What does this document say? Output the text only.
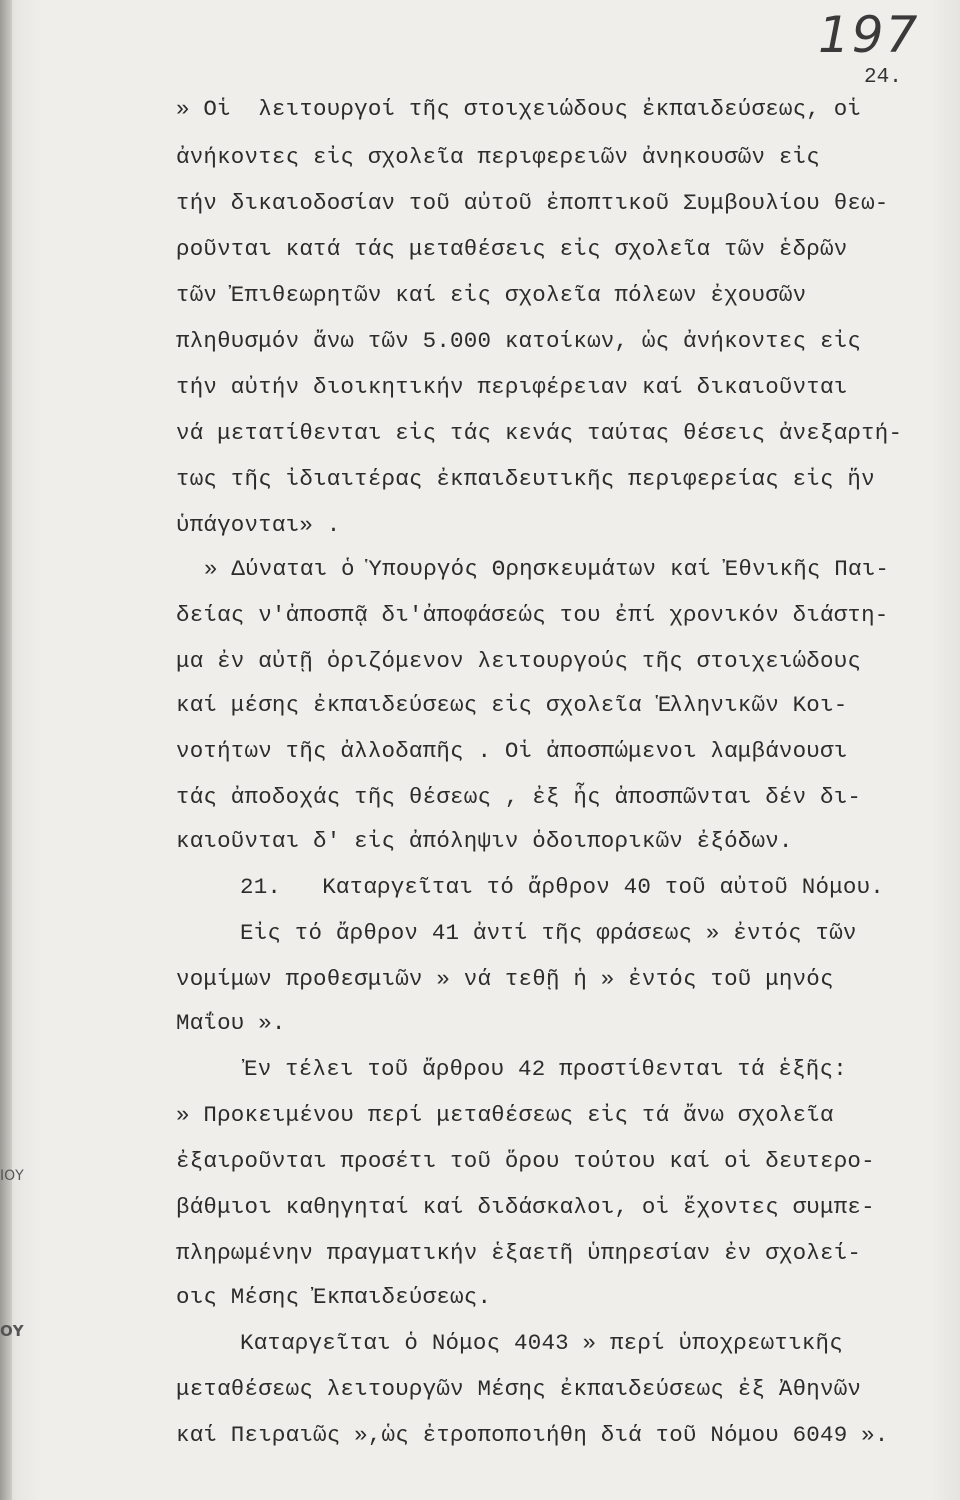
197
24.
ΙΟΥ
ΟΥ
» Οἱ  λειτουργοί τῆς στοιχειώδους ἐκπαιδεύσεως, οἱ
ἀνήκοντες εἰς σχολεῖα περιφερειῶν ἀνηκουσῶν εἰς
τήν δικαιοδοσίαν τοῦ αὐτοῦ ἐποπτικοῦ Συμβουλίου θεω-
ροῦνται κατά τάς μεταθέσεις εἰς σχολεῖα τῶν ἑδρῶν
τῶν Ἐπιθεωρητῶν καί εἰς σχολεῖα πόλεων ἐχουσῶν
πληθυσμόν ἄνω τῶν 5.000 κατοίκων, ὡς ἀνήκοντες εἰς
τήν αὐτήν διοικητικήν περιφέρειαν καί δικαιοῦνται
νά μετατίθενται εἰς τάς κενάς ταύτας θέσεις ἀνεξαρτή-
τως τῆς ἰδιαιτέρας ἐκπαιδευτικῆς περιφερείας εἰς ἥν
ὑπάγονται» .
» Δύναται ὁ Ὑπουργός Θρησκευμάτων καί Ἐθνικῆς Παι-
δείας ν'ἀποσπᾷ δι'ἀποφάσεώς του ἐπί χρονικόν διάστη-
μα ἐν αὐτῇ ὁριζόμενον λειτουργούς τῆς στοιχειώδους
καί μέσης ἐκπαιδεύσεως εἰς σχολεῖα Ἑλληνικῶν Κοι-
νοτήτων τῆς ἀλλοδαπῆς . Οἱ ἀποσπώμενοι λαμβάνουσι
τάς ἀποδοχάς τῆς θέσεως , ἐξ ἧς ἀποσπῶνται δέν δι-
καιοῦνται δ' εἰς ἀπόληψιν ὁδοιπορικῶν ἐξόδων.
21.   Καταργεῖται τό ἄρθρον 40 τοῦ αὐτοῦ Νόμου.
Εἰς τό ἄρθρον 41 ἀντί τῆς φράσεως » ἐντός τῶν
νομίμων προθεσμιῶν » νά τεθῇ ἡ » ἐντός τοῦ μηνός
Μαΐου ».
Ἐν τέλει τοῦ ἄρθρου 42 προστίθενται τά ἑξῆς:
» Προκειμένου περί μεταθέσεως εἰς τά ἄνω σχολεῖα
ἐξαιροῦνται προσέτι τοῦ ὅρου τούτου καί οἱ δευτερο-
βάθμιοι καθηγηταί καί διδάσκαλοι, οἱ ἔχοντες συμπε-
πληρωμένην πραγματικήν ἑξαετῆ ὑπηρεσίαν ἐν σχολεί-
οις Μέσης Ἐκπαιδεύσεως.
Καταργεῖται ὁ Νόμος 4043 » περί ὑποχρεωτικῆς
μεταθέσεως λειτουργῶν Μέσης ἐκπαιδεύσεως ἐξ Ἀθηνῶν
καί Πειραιῶς »,ὡς ἐτροποποιήθη διά τοῦ Νόμου 6049 ».
